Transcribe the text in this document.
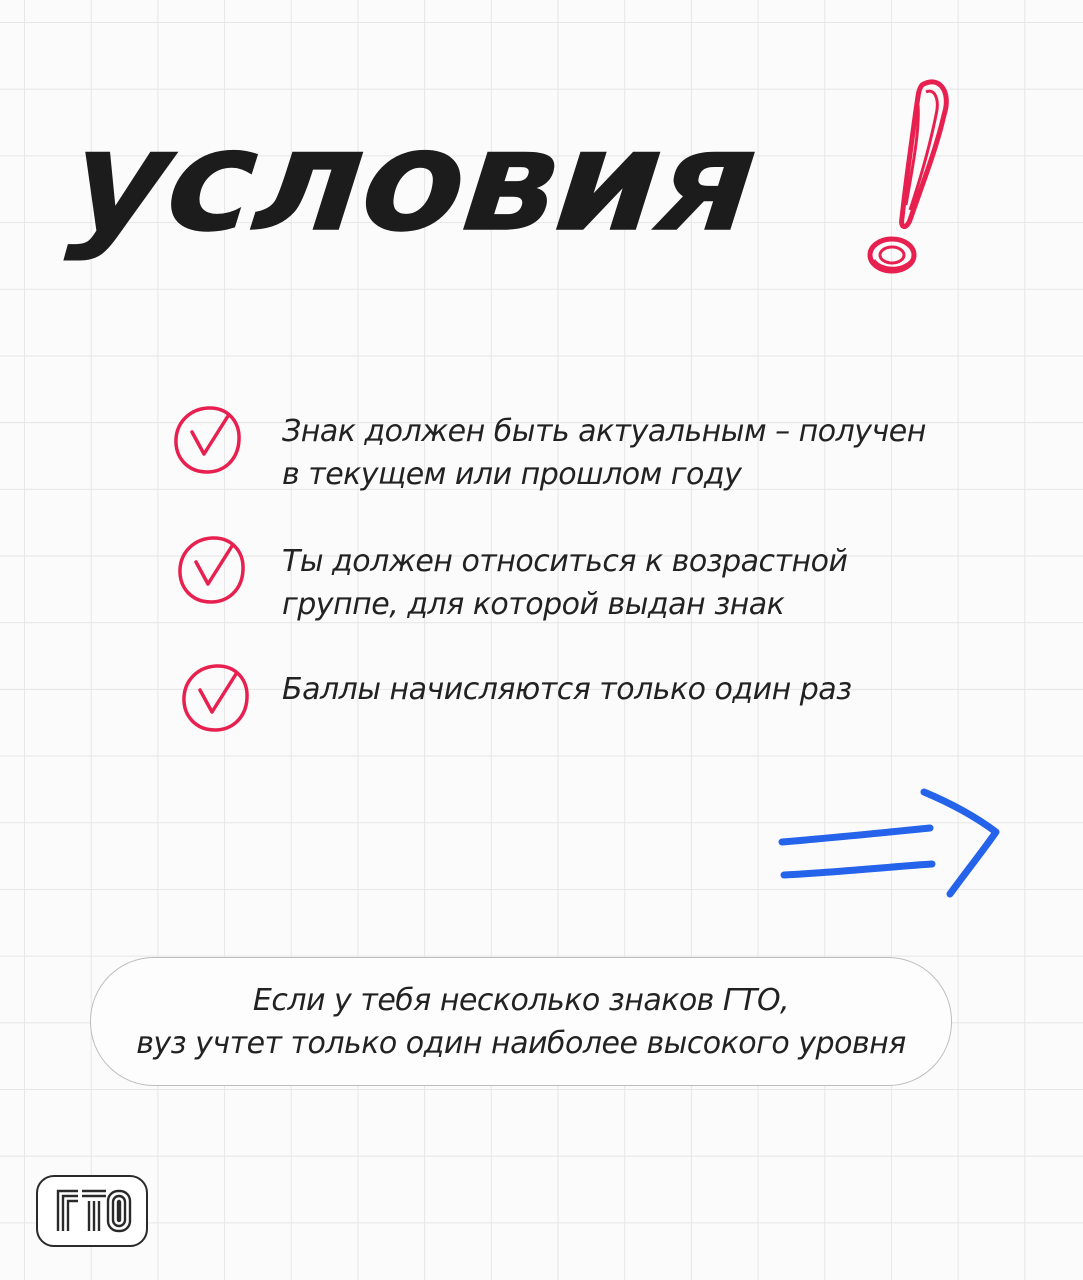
условия
Знак должен быть актуальным – получен
в текущем или прошлом году
Ты должен относиться к возрастной
группе, для которой выдан знак
Баллы начисляются только один раз
Если у тебя несколько знаков ГТО,
вуз учтет только один наиболее высокого уровня
